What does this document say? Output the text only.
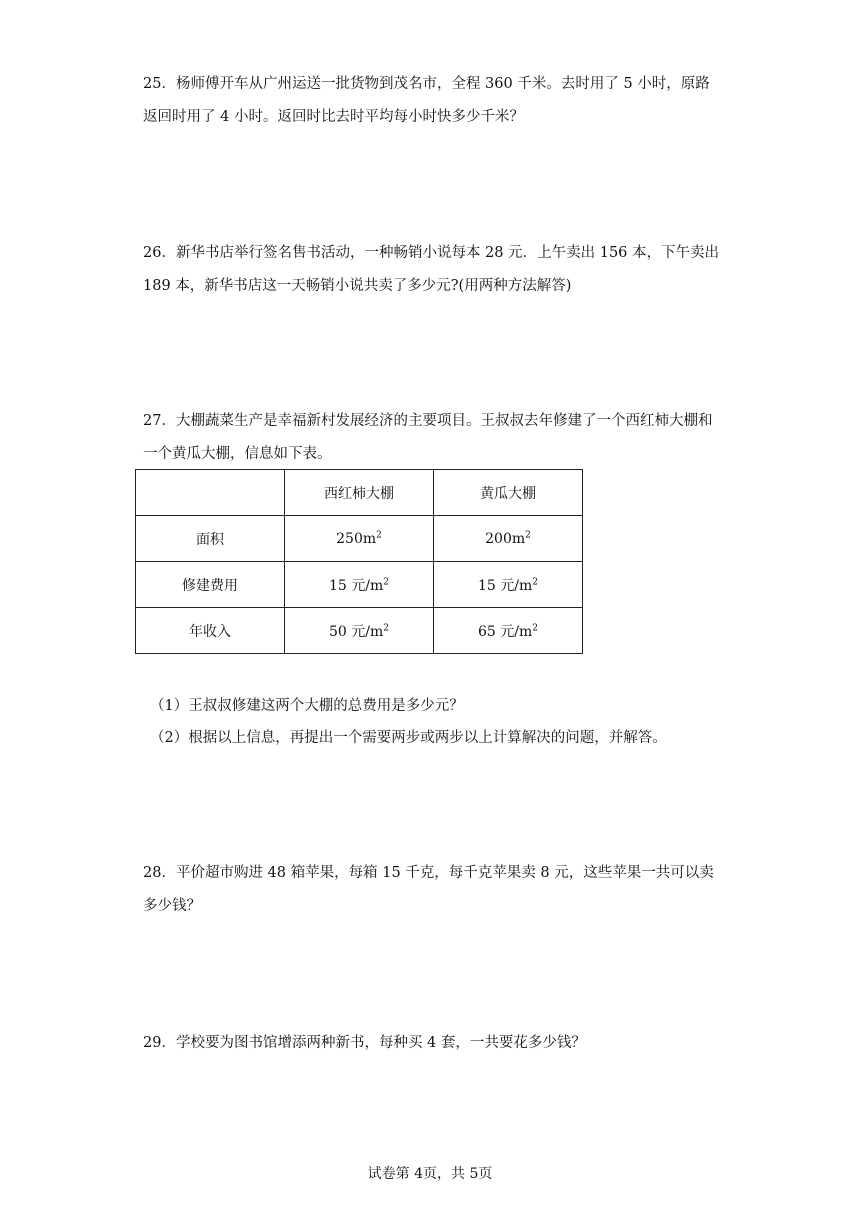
25．杨师傅开车从广州运送一批货物到茂名市，全程 360 千米。去时用了 5 小时，原路返回时用了 4 小时。返回时比去时平均每小时快多少千米？

26．新华书店举行签名售书活动，一种畅销小说每本 28 元．上午卖出 156 本，下午卖出 189 本，新华书店这一天畅销小说共卖了多少元?(用两种方法解答)

27．大棚蔬菜生产是幸福新村发展经济的主要项目。王叔叔去年修建了一个西红柿大棚和一个黄瓜大棚，信息如下表。

	西红柿大棚	黄瓜大棚
面积	$250m^2$	$200m^2$
修建费用	15 元$/m^2$	15 元$/m^2$
年收入	50 元$/m^2$	65 元$/m^2$

（1）王叔叔修建这两个大棚的总费用是多少元？

（2）根据以上信息，再提出一个需要两步或两步以上计算解决的问题，并解答。

28．平价超市购进 48 箱苹果，每箱 15 千克，每千克苹果卖 8 元，这些苹果一共可以卖多少钱？

29．学校要为图书馆增添两种新书，每种买 4 套，一共要花多少钱？

试卷第 4页，共 5页
